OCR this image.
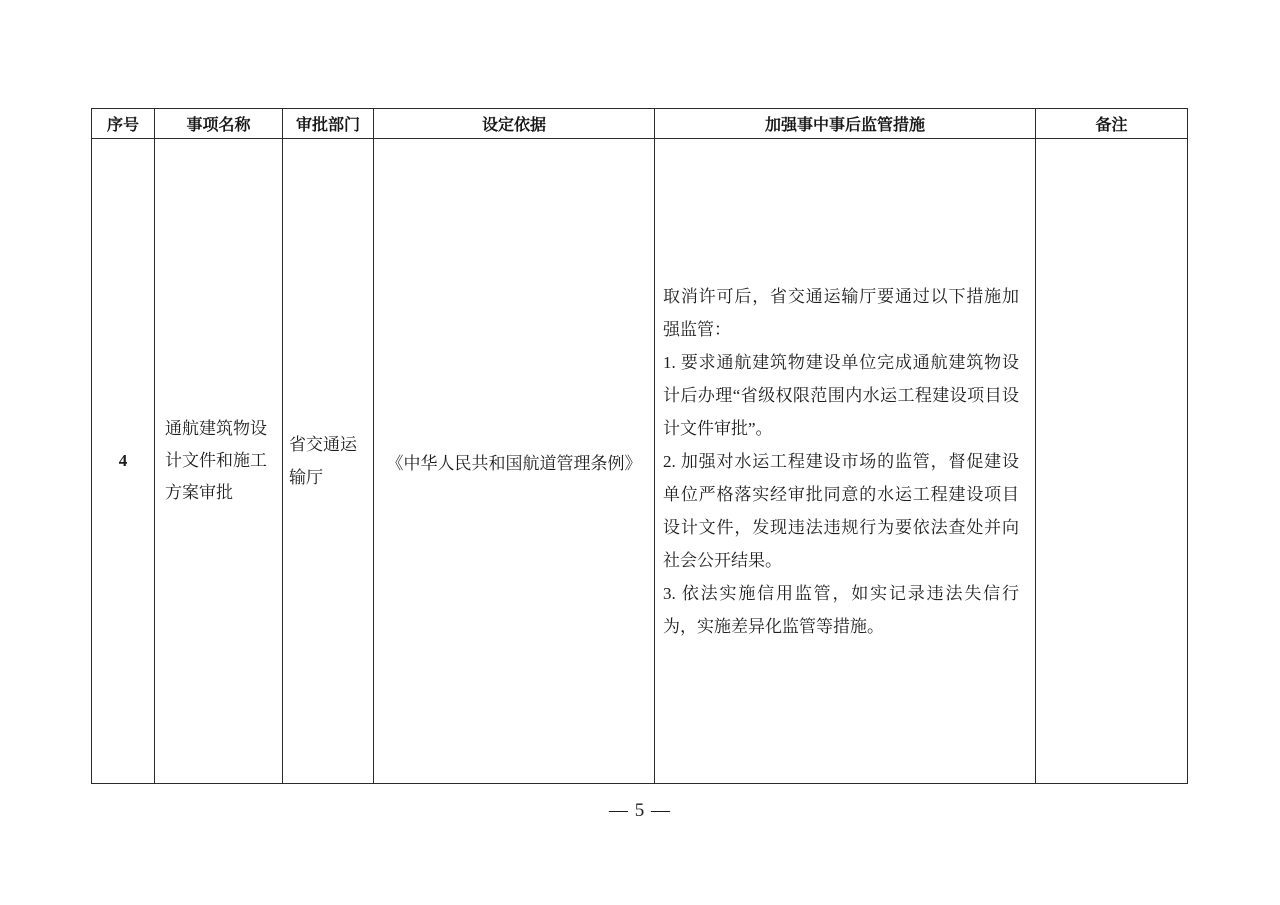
序号	事项名称	审批部门	设定依据	加强事中事后监管措施	备注
4	通航建筑物设计文件和施工方案审批	省交通运输厅	《中华人民共和国航道管理条例》	取消许可后，省交通运输厅要通过以下措施加强监管：
1. 要求通航建筑物建设单位完成通航建筑物设计后办理“省级权限范围内水运工程建设项目设计文件审批”。
2. 加强对水运工程建设市场的监管，督促建设单位严格落实经审批同意的水运工程建设项目设计文件，发现违法违规行为要依法查处并向社会公开结果。
3. 依法实施信用监管，如实记录违法失信行为，实施差异化监管等措施。	

— 5 —
